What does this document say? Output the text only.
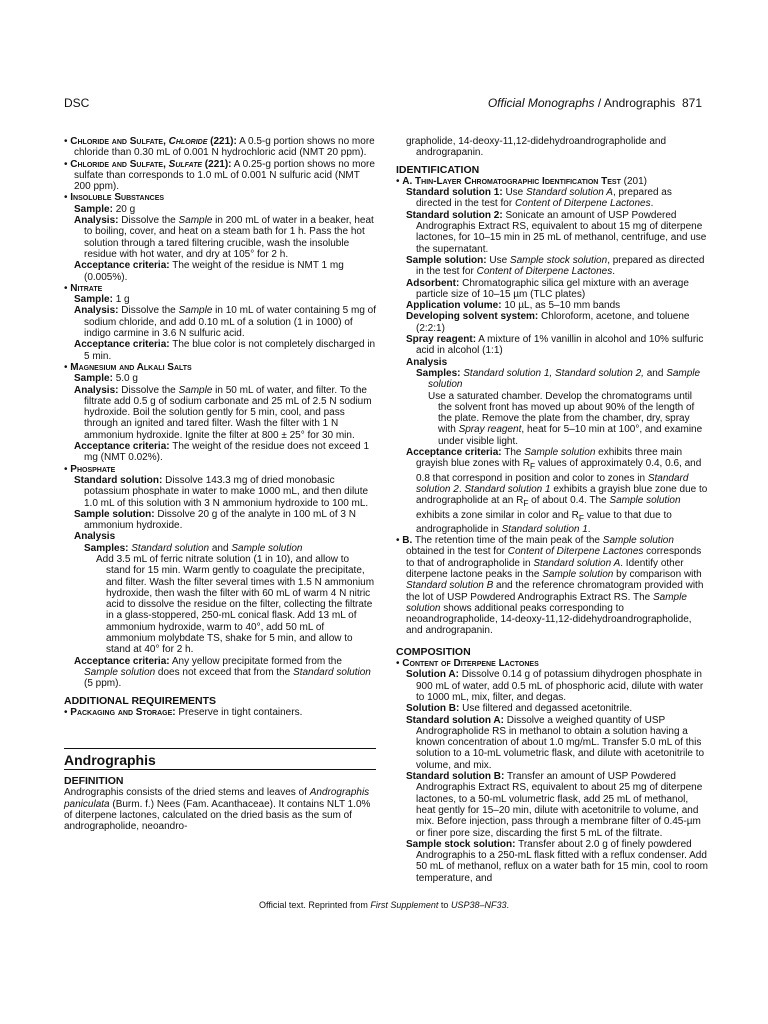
DSC	Official Monographs / Andrographis 871

• Chloride and Sulfate, Chloride (221): A 0.5-g portion shows no more chloride than 0.30 mL of 0.001 N hydrochloric acid (NMT 20 ppm).

• Chloride and Sulfate, Sulfate (221): A 0.25-g portion shows no more sulfate than corresponds to 1.0 mL of 0.001 N sulfuric acid (NMT 200 ppm).

• Insoluble Substances

Sample: 20 g

Analysis: Dissolve the Sample in 200 mL of water in a beaker, heat to boiling, cover, and heat on a steam bath for 1 h. Pass the hot solution through a tared filtering crucible, wash the insoluble residue with hot water, and dry at 105° for 2 h.

Acceptance criteria: The weight of the residue is NMT 1 mg (0.005%).

• Nitrate

Sample: 1 g

Analysis: Dissolve the Sample in 10 mL of water containing 5 mg of sodium chloride, and add 0.10 mL of a solution (1 in 1000) of indigo carmine in 3.6 N sulfuric acid.

Acceptance criteria: The blue color is not completely discharged in 5 min.

• Magnesium and Alkali Salts

Sample: 5.0 g

Analysis: Dissolve the Sample in 50 mL of water, and filter. To the filtrate add 0.5 g of sodium carbonate and 25 mL of 2.5 N sodium hydroxide. Boil the solution gently for 5 min, cool, and pass through an ignited and tared filter. Wash the filter with 1 N ammonium hydroxide. Ignite the filter at 800 ± 25° for 30 min.

Acceptance criteria: The weight of the residue does not exceed 1 mg (NMT 0.02%).

• Phosphate

Standard solution: Dissolve 143.3 mg of dried monobasic potassium phosphate in water to make 1000 mL, and then dilute 1.0 mL of this solution with 3 N ammonium hydroxide to 100 mL.

Sample solution: Dissolve 20 g of the analyte in 100 mL of 3 N ammonium hydroxide.

Analysis

Samples: Standard solution and Sample solution

Add 3.5 mL of ferric nitrate solution (1 in 10), and allow to stand for 15 min. Warm gently to coagulate the precipitate, and filter. Wash the filter several times with 1.5 N ammonium hydroxide, then wash the filter with 60 mL of warm 4 N nitric acid to dissolve the residue on the filter, collecting the filtrate in a glass-stoppered, 250-mL conical flask. Add 13 mL of ammonium hydroxide, warm to 40°, add 50 mL of ammonium molybdate TS, shake for 5 min, and allow to stand at 40° for 2 h.

Acceptance criteria: Any yellow precipitate formed from the Sample solution does not exceed that from the Standard solution (5 ppm).

ADDITIONAL REQUIREMENTS

• Packaging and Storage: Preserve in tight containers.

Andrographis

DEFINITION

Andrographis consists of the dried stems and leaves of Andrographis paniculata (Burm. f.) Nees (Fam. Acanthaceae). It contains NLT 1.0% of diterpene lactones, calculated on the dried basis as the sum of andrographolide, neoandro-

grapholide, 14-deoxy-11,12-didehydroandrographolide and andrograpanin.

IDENTIFICATION

• A. Thin-Layer Chromatographic Identification Test (201)

Standard solution 1: Use Standard solution A, prepared as directed in the test for Content of Diterpene Lactones.

Standard solution 2: Sonicate an amount of USP Powdered Andrographis Extract RS, equivalent to about 15 mg of diterpene lactones, for 10–15 min in 25 mL of methanol, centrifuge, and use the supernatant.

Sample solution: Use Sample stock solution, prepared as directed in the test for Content of Diterpene Lactones.

Adsorbent: Chromatographic silica gel mixture with an average particle size of 10–15 µm (TLC plates)

Application volume: 10 µL, as 5–10 mm bands

Developing solvent system: Chloroform, acetone, and toluene (2:2:1)

Spray reagent: A mixture of 1% vanillin in alcohol and 10% sulfuric acid in alcohol (1:1)

Analysis

Samples: Standard solution 1, Standard solution 2, and Sample solution

Use a saturated chamber. Develop the chromatograms until the solvent front has moved up about 90% of the length of the plate. Remove the plate from the chamber, dry, spray with Spray reagent, heat for 5–10 min at 100°, and examine under visible light.

Acceptance criteria: The Sample solution exhibits three main grayish blue zones with $R_F$ values of approximately 0.4, 0.6, and 0.8 that correspond in position and color to zones in Standard solution 2. Standard solution 1 exhibits a grayish blue zone due to andrographolide at an $R_F$ of about 0.4. The Sample solution exhibits a zone similar in color and $R_F$ value to that due to andrographolide in Standard solution 1.

• B. The retention time of the main peak of the Sample solution obtained in the test for Content of Diterpene Lactones corresponds to that of andrographolide in Standard solution A. Identify other diterpene lactone peaks in the Sample solution by comparison with Standard solution B and the reference chromatogram provided with the lot of USP Powdered Andrographis Extract RS. The Sample solution shows additional peaks corresponding to neoandrographolide, 14-deoxy-11,12-didehydroandrographolide, and andrograpanin.

COMPOSITION

• Content of Diterpene Lactones

Solution A: Dissolve 0.14 g of potassium dihydrogen phosphate in 900 mL of water, add 0.5 mL of phosphoric acid, dilute with water to 1000 mL, mix, filter, and degas.

Solution B: Use filtered and degassed acetonitrile.

Standard solution A: Dissolve a weighed quantity of USP Andrographolide RS in methanol to obtain a solution having a known concentration of about 1.0 mg/mL. Transfer 5.0 mL of this solution to a 10-mL volumetric flask, and dilute with acetonitrile to volume, and mix.

Standard solution B: Transfer an amount of USP Powdered Andrographis Extract RS, equivalent to about 25 mg of diterpene lactones, to a 50-mL volumetric flask, add 25 mL of methanol, heat gently for 15–20 min, dilute with acetonitrile to volume, and mix. Before injection, pass through a membrane filter of 0.45-µm or finer pore size, discarding the first 5 mL of the filtrate.

Sample stock solution: Transfer about 2.0 g of finely powdered Andrographis to a 250-mL flask fitted with a reflux condenser. Add 50 mL of methanol, reflux on a water bath for 15 min, cool to room temperature, and

Official text. Reprinted from First Supplement to USP38–NF33.
